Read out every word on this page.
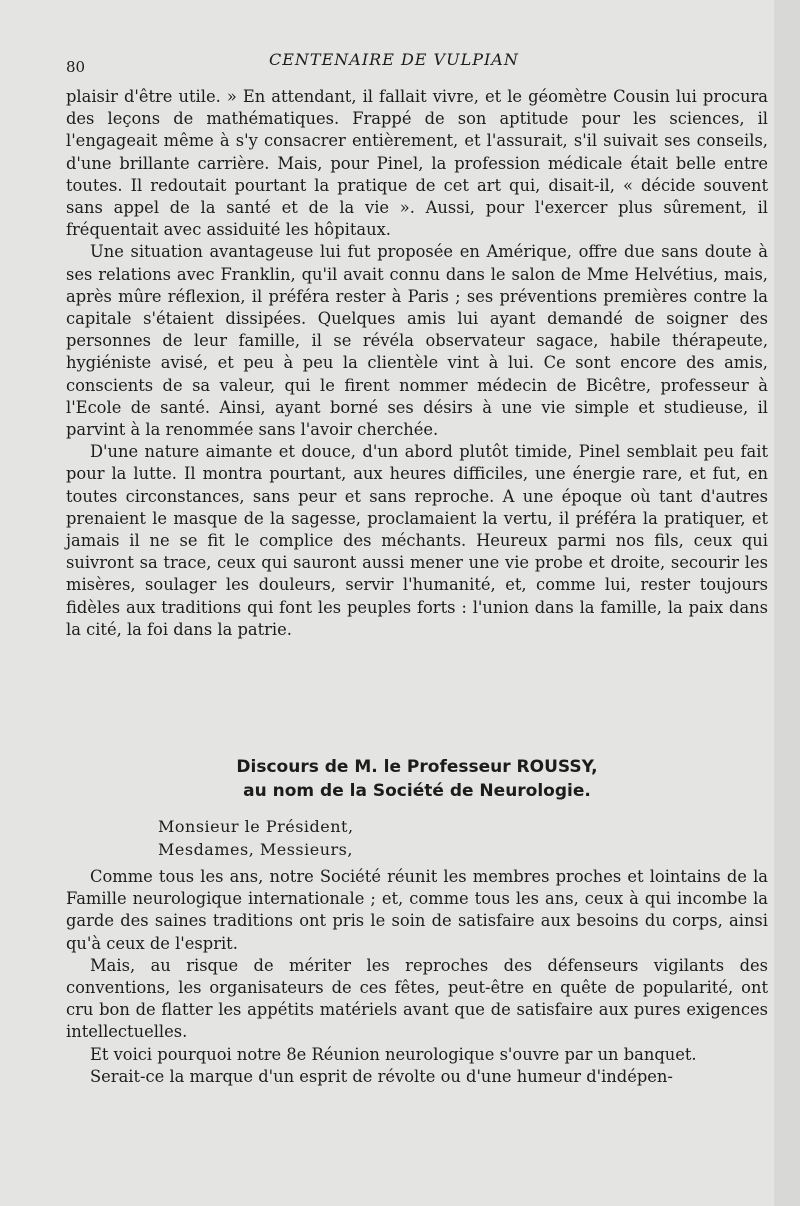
80	CENTENAIRE DE VULPIAN

plaisir d'être utile. » En attendant, il fallait vivre, et le géomètre Cousin lui procura des leçons de mathématiques. Frappé de son aptitude pour les sciences, il l'engageait même à s'y consacrer entièrement, et l'assurait, s'il suivait ses conseils, d'une brillante carrière. Mais, pour Pinel, la profession médicale était belle entre toutes. Il redoutait pourtant la pratique de cet art qui, disait-il, « décide souvent sans appel de la santé et de la vie ». Aussi, pour l'exercer plus sûrement, il fréquentait avec assiduité les hôpitaux.

Une situation avantageuse lui fut proposée en Amérique, offre due sans doute à ses relations avec Franklin, qu'il avait connu dans le salon de Mme Helvétius, mais, après mûre réflexion, il préféra rester à Paris ; ses préventions premières contre la capitale s'étaient dissipées. Quelques amis lui ayant demandé de soigner des personnes de leur famille, il se révéla observateur sagace, habile thérapeute, hygiéniste avisé, et peu à peu la clientèle vint à lui. Ce sont encore des amis, conscients de sa valeur, qui le firent nommer médecin de Bicêtre, professeur à l'Ecole de santé. Ainsi, ayant borné ses désirs à une vie simple et studieuse, il parvint à la renommée sans l'avoir cherchée.

D'une nature aimante et douce, d'un abord plutôt timide, Pinel semblait peu fait pour la lutte. Il montra pourtant, aux heures difficiles, une énergie rare, et fut, en toutes circonstances, sans peur et sans reproche. A une époque où tant d'autres prenaient le masque de la sagesse, proclamaient la vertu, il préféra la pratiquer, et jamais il ne se fit le complice des méchants. Heureux parmi nos fils, ceux qui suivront sa trace, ceux qui sauront aussi mener une vie probe et droite, secourir les misères, soulager les douleurs, servir l'humanité, et, comme lui, rester toujours fidèles aux traditions qui font les peuples forts : l'union dans la famille, la paix dans la cité, la foi dans la patrie.

Discours de M. le Professeur ROUSSY,
au nom de la Société de Neurologie.
Monsieur le Président,
Mesdames, Messieurs,

Comme tous les ans, notre Société réunit les membres proches et lointains de la Famille neurologique internationale ; et, comme tous les ans, ceux à qui incombe la garde des saines traditions ont pris le soin de satisfaire aux besoins du corps, ainsi qu'à ceux de l'esprit.

Mais, au risque de mériter les reproches des défenseurs vigilants des conventions, les organisateurs de ces fêtes, peut-être en quête de popularité, ont cru bon de flatter les appétits matériels avant que de satisfaire aux pures exigences intellectuelles.

Et voici pourquoi notre 8e Réunion neurologique s'ouvre par un banquet.

Serait-ce la marque d'un esprit de révolte ou d'une humeur d'indépen-
